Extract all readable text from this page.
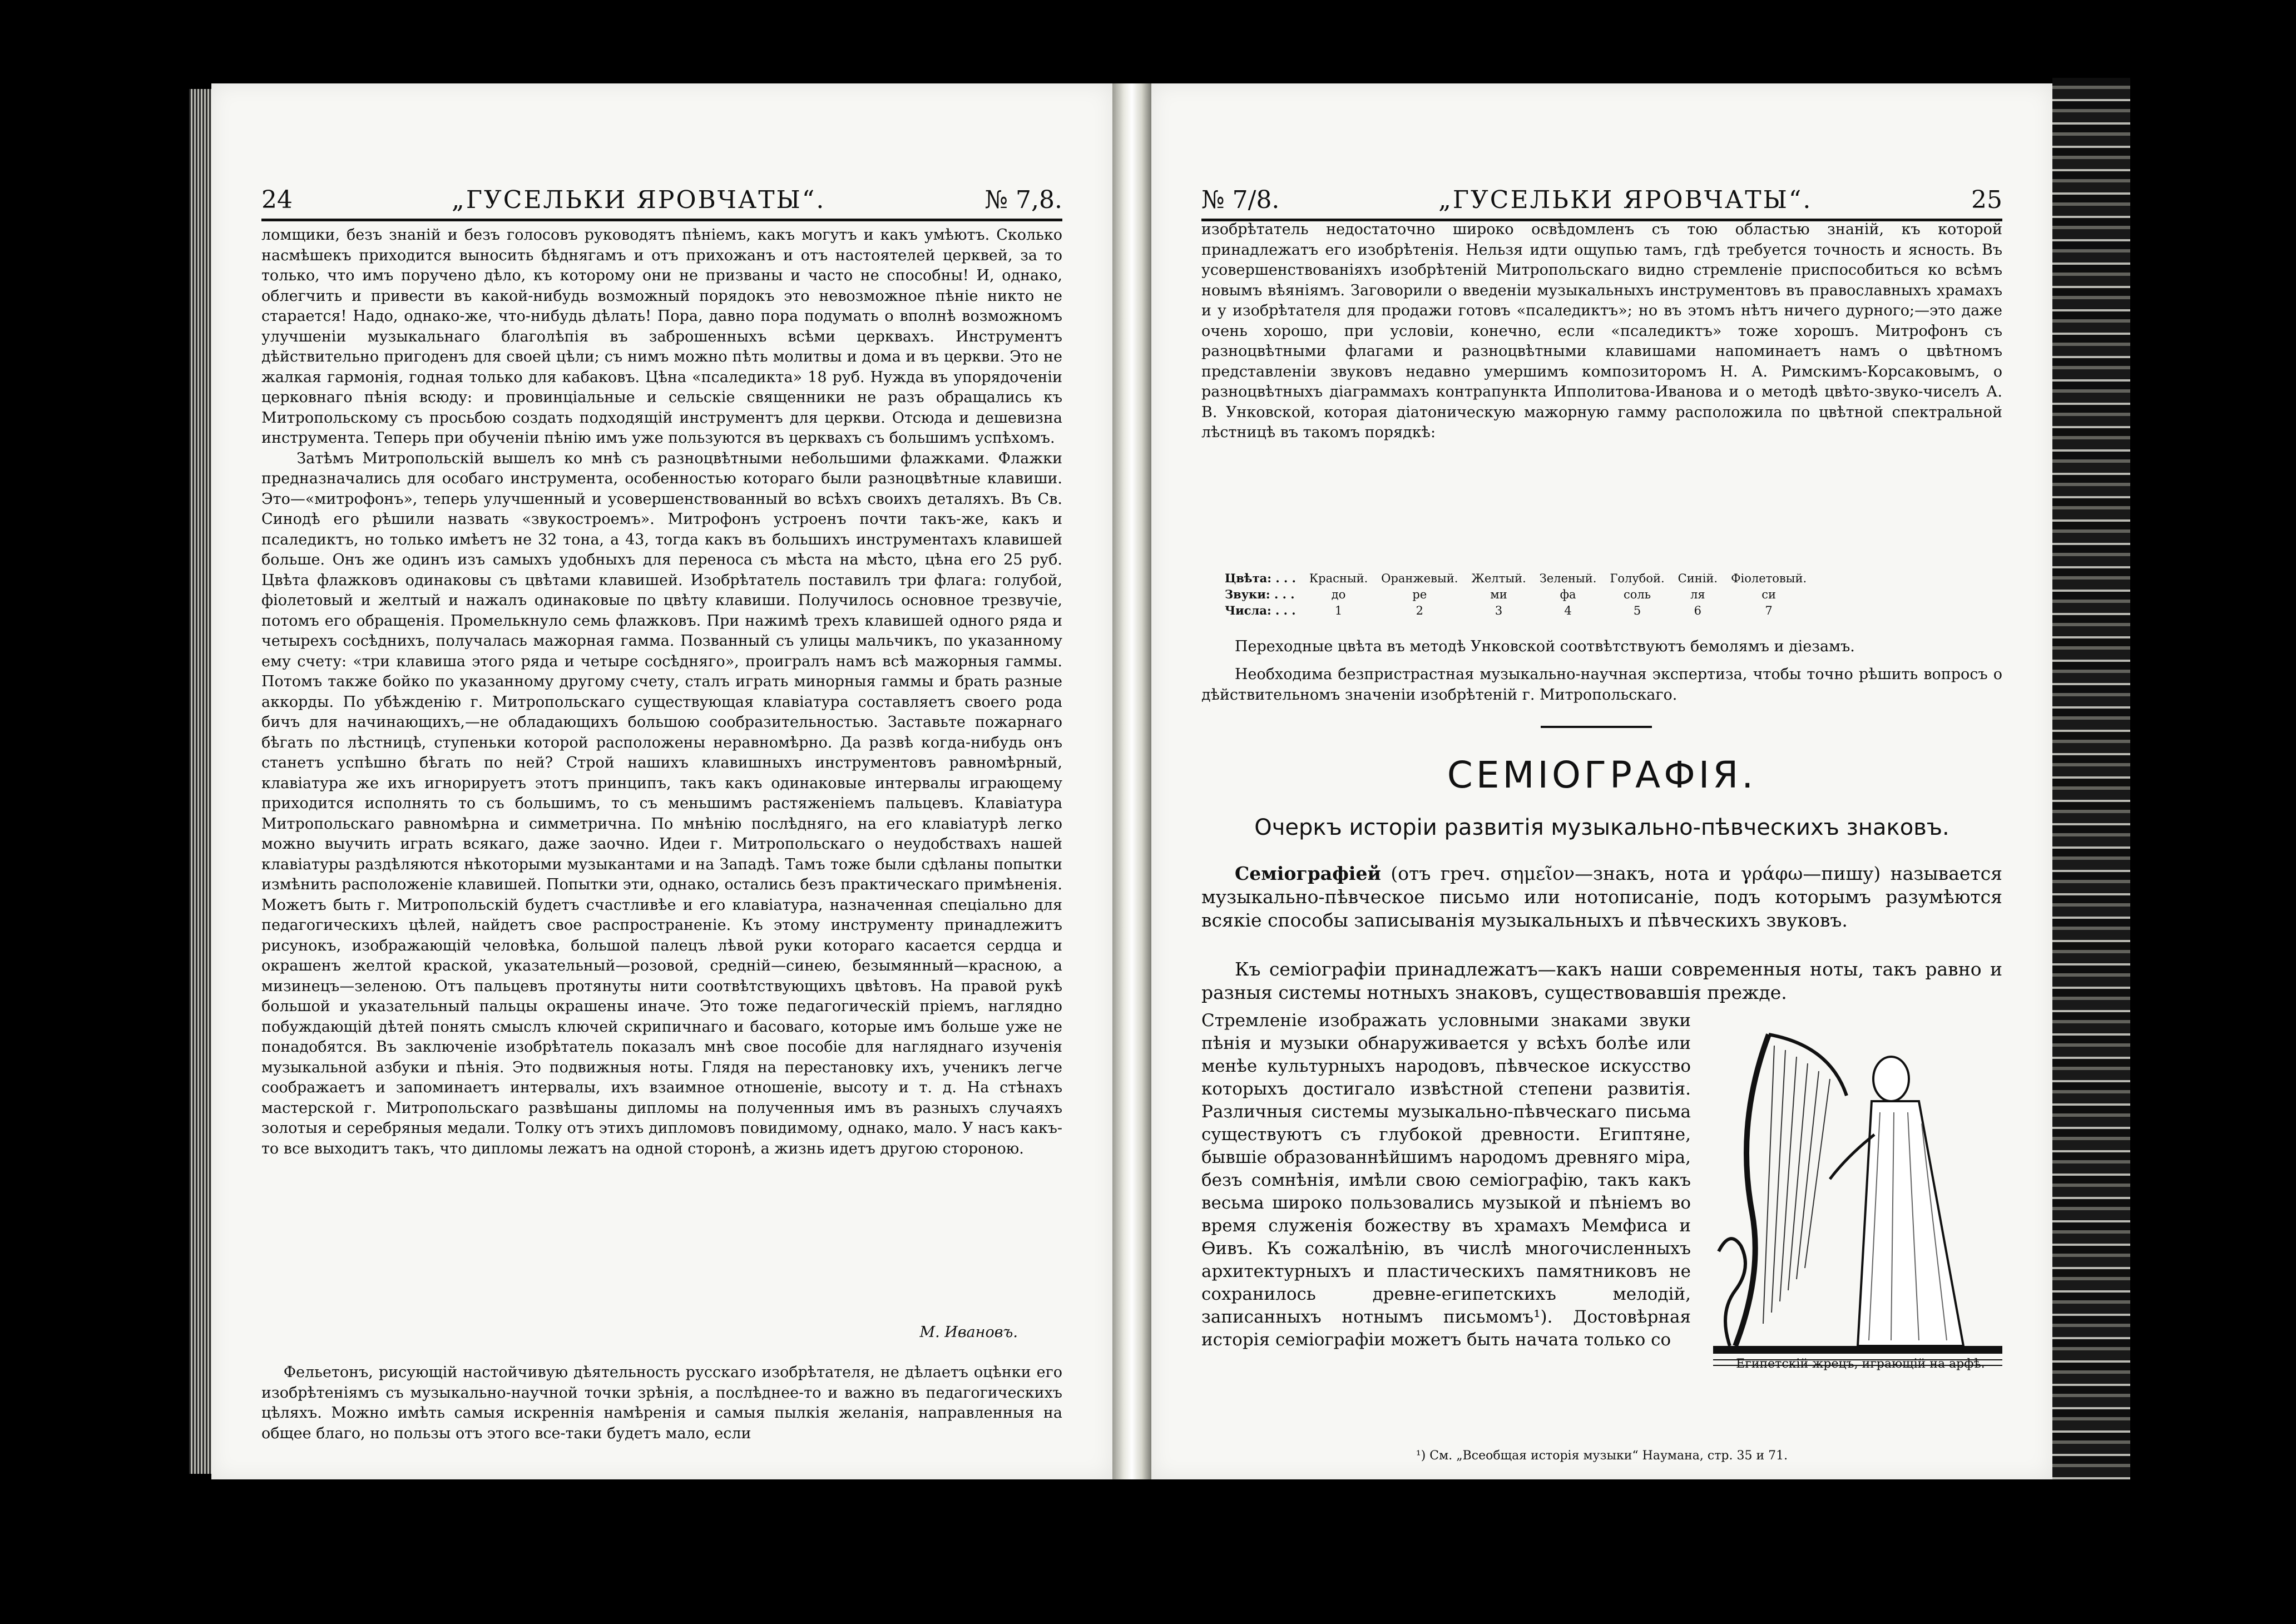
24	„ГУСЕЛЬКИ ЯРОВЧАТЫ“.	№ 7,8.
ломщики, безъ знаній и безъ голосовъ руководятъ пѣніемъ, какъ могутъ и какъ умѣютъ. Сколько насмѣшекъ приходится выносить бѣднягамъ и отъ прихожанъ и отъ настоятелей церквей, за то только, что имъ поручено дѣло, къ которому они не призваны и часто не способны! И, однако, облегчить и привести въ какой-нибудь возможный порядокъ это невозможное пѣніе никто не старается! Надо, однако-же, что-нибудь дѣлать! Пора, давно пора подумать о вполнѣ возможномъ улучшеніи музыкальнаго благолѣпія въ заброшенныхъ всѣми церквахъ. Инструментъ дѣйствительно пригоденъ для своей цѣли; съ нимъ можно пѣть молитвы и дома и въ церкви. Это не жалкая гармонія, годная только для кабаковъ. Цѣна «псаледикта» 18 руб. Нужда въ упорядоченіи церковнаго пѣнія всюду: и провинціальные и сельскіе священники не разъ обращались къ Митропольскому съ просьбою создать подходящій инструментъ для церкви. Отсюда и дешевизна инструмента. Теперь при обученіи пѣнію имъ уже пользуются въ церквахъ съ большимъ успѣхомъ.
Затѣмъ Митропольскій вышелъ ко мнѣ съ разноцвѣтными небольшими флажками. Флажки предназначались для особаго инструмента, особенностью котораго были разноцвѣтные клавиши. Это—«митрофонъ», теперь улучшенный и усовершенствованный во всѣхъ своихъ деталяхъ. Въ Св. Синодѣ его рѣшили назвать «звукостроемъ». Митрофонъ устроенъ почти такъ-же, какъ и псаледиктъ, но только имѣетъ не 32 тона, а 43, тогда какъ въ большихъ инструментахъ клавишей больше. Онъ же одинъ изъ самыхъ удобныхъ для переноса съ мѣста на мѣсто, цѣна его 25 руб. Цвѣта флажковъ одинаковы съ цвѣтами клавишей. Изобрѣтатель поставилъ три флага: голубой, фіолетовый и желтый и нажалъ одинаковые по цвѣту клавиши. Получилось основное трезвучіе, потомъ его обращенія. Промелькнуло семь флажковъ. При нажимѣ трехъ клавишей одного ряда и четырехъ сосѣднихъ, получалась мажорная гамма. Позванный съ улицы мальчикъ, по указанному ему счету: «три клавиша этого ряда и четыре сосѣдняго», проигралъ намъ всѣ мажорныя гаммы. Потомъ также бойко по указанному другому счету, сталъ играть минорныя гаммы и брать разные аккорды. По убѣжденію г. Митропольскаго существующая клавіатура составляетъ своего рода бичъ для начинающихъ,—не обладающихъ большою сообразительностью. Заставьте пожарнаго бѣгать по лѣстницѣ, ступеньки которой расположены неравномѣрно. Да развѣ когда-нибудь онъ станетъ успѣшно бѣгать по ней? Строй нашихъ клавишныхъ инструментовъ равномѣрный, клавіатура же ихъ игнорируетъ этотъ принципъ, такъ какъ одинаковые интервалы играющему приходится исполнять то съ большимъ, то съ меньшимъ растяженіемъ пальцевъ. Клавіатура Митропольскаго равномѣрна и симметрична. По мнѣнію послѣдняго, на его клавіатурѣ легко можно выучить играть всякаго, даже заочно. Идеи г. Митропольскаго о неудобствахъ нашей клавіатуры раздѣляются нѣкоторыми музыкантами и на Западѣ. Тамъ тоже были сдѣланы попытки измѣнить расположеніе клавишей. Попытки эти, однако, остались безъ практическаго примѣненія. Можетъ быть г. Митропольскій будетъ счастливѣе и его клавіатура, назначенная спеціально для педагогическихъ цѣлей, найдетъ свое распространеніе. Къ этому инструменту принадлежитъ рисунокъ, изображающій человѣка, большой палецъ лѣвой руки котораго касается сердца и окрашенъ желтой краской, указательный—розовой, средній—синею, безымянный—красною, а мизинецъ—зеленою. Отъ пальцевъ протянуты нити соотвѣтствующихъ цвѣтовъ. На правой рукѣ большой и указательный пальцы окрашены иначе. Это тоже педагогическій пріемъ, наглядно побуждающій дѣтей понять смыслъ ключей скрипичнаго и басоваго, которые имъ больше уже не понадобятся. Въ заключеніе изобрѣтатель показалъ мнѣ свое пособіе для нагляднаго изученія музыкальной азбуки и пѣнія. Это подвижныя ноты. Глядя на перестановку ихъ, ученикъ легче соображаетъ и запоминаетъ интервалы, ихъ взаимное отношеніе, высоту и т. д. На стѣнахъ мастерской г. Митропольскаго развѣшаны дипломы на полученныя имъ въ разныхъ случаяхъ золотыя и серебряныя медали. Толку отъ этихъ дипломовъ повидимому, однако, мало. У насъ какъ-то все выходитъ такъ, что дипломы лежатъ на одной сторонѣ, а жизнь идетъ другою стороною.
М. Ивановъ.
Фельетонъ, рисующій настойчивую дѣятельность русскаго изобрѣтателя, не дѣлаетъ оцѣнки его изобрѣтеніямъ съ музыкально-научной точки зрѣнія, а послѣднее-то и важно въ педагогическихъ цѣляхъ. Можно имѣть самыя искреннія намѣренія и самыя пылкія желанія, направленныя на общее благо, но пользы отъ этого все-таки будетъ мало, если
№ 7/8.	„ГУСЕЛЬКИ ЯРОВЧАТЫ“.	25
изобрѣтатель недостаточно широко освѣдомленъ съ тою областью знаній, къ которой принадлежатъ его изобрѣтенія. Нельзя идти ощупью тамъ, гдѣ требуется точность и ясность. Въ усовершенствованіяхъ изобрѣтеній Митропольскаго видно стремленіе приспособиться ко всѣмъ новымъ вѣяніямъ. Заговорили о введеніи музыкальныхъ инструментовъ въ православныхъ храмахъ и у изобрѣтателя для продажи готовъ «псаледиктъ»; но въ этомъ нѣтъ ничего дурного;—это даже очень хорошо, при условіи, конечно, если «псаледиктъ» тоже хорошъ. Митрофонъ съ разноцвѣтными флагами и разноцвѣтными клавишами напоминаетъ намъ о цвѣтномъ представленіи звуковъ недавно умершимъ композиторомъ Н. А. Римскимъ-Корсаковымъ, о разноцвѣтныхъ діаграммахъ контрапункта Ипполитова-Иванова и о методѣ цвѣто-звуко-чиселъ А. В. Унковской, которая діатоническую мажорную гамму расположила по цвѣтной спектральной лѣстницѣ въ такомъ порядкѣ:
Цвѣта: . . .	Красный.	Оранжевый.	Желтый.	Зеленый.	Голубой.	Синій.	Фіолетовый.
Звуки: . . .	до	ре	ми	фа	соль	ля	си
Числа: . . .	1	2	3	4	5	6	7
Переходные цвѣта въ методѣ Унковской соотвѣтствуютъ бемолямъ и діезамъ.
Необходима безпристрастная музыкально-научная экспертиза, чтобы точно рѣшить вопросъ о дѣйствительномъ значеніи изобрѣтеній г. Митропольскаго.
СЕМІОГРАФІЯ.
Очеркъ исторіи развитія музыкально-пѣвческихъ знаковъ.
Семіографіей (отъ греч. σημεῖον—знакъ, нота и γράφω—пишу) называется музыкально-пѣвческое письмо или нотописаніе, подъ которымъ разумѣются всякіе способы записыванія музыкальныхъ и пѣвческихъ звуковъ.
Къ семіографіи принадлежатъ—какъ наши современныя ноты, такъ равно и разныя системы нотныхъ знаковъ, существовавшія прежде.
Стремленіе изображать условными знаками звуки пѣнія и музыки обнаруживается у всѣхъ болѣе или менѣе культурныхъ народовъ, пѣвческое искусство которыхъ достигало извѣстной степени развитія. Различныя системы музыкально-пѣвческаго письма существуютъ съ глубокой древности. Египтяне, бывшіе образованнѣйшимъ народомъ древняго міра, безъ сомнѣнія, имѣли свою семіографію, такъ какъ весьма широко пользовались музыкой и пѣніемъ во время служенія божеству въ храмахъ Мемфиса и Ѳивъ. Къ сожалѣнію, въ числѣ многочисленныхъ архитектурныхъ и пластическихъ памятниковъ не сохранилось древне-египетскихъ мелодій, записанныхъ нотнымъ письмомъ¹). Достовѣрная исторія семіографіи можетъ быть начата только со
Египетскій жрецъ, играющій на арфѣ.
¹) См. „Всеобщая исторія музыки“ Наумана, стр. 35 и 71.
